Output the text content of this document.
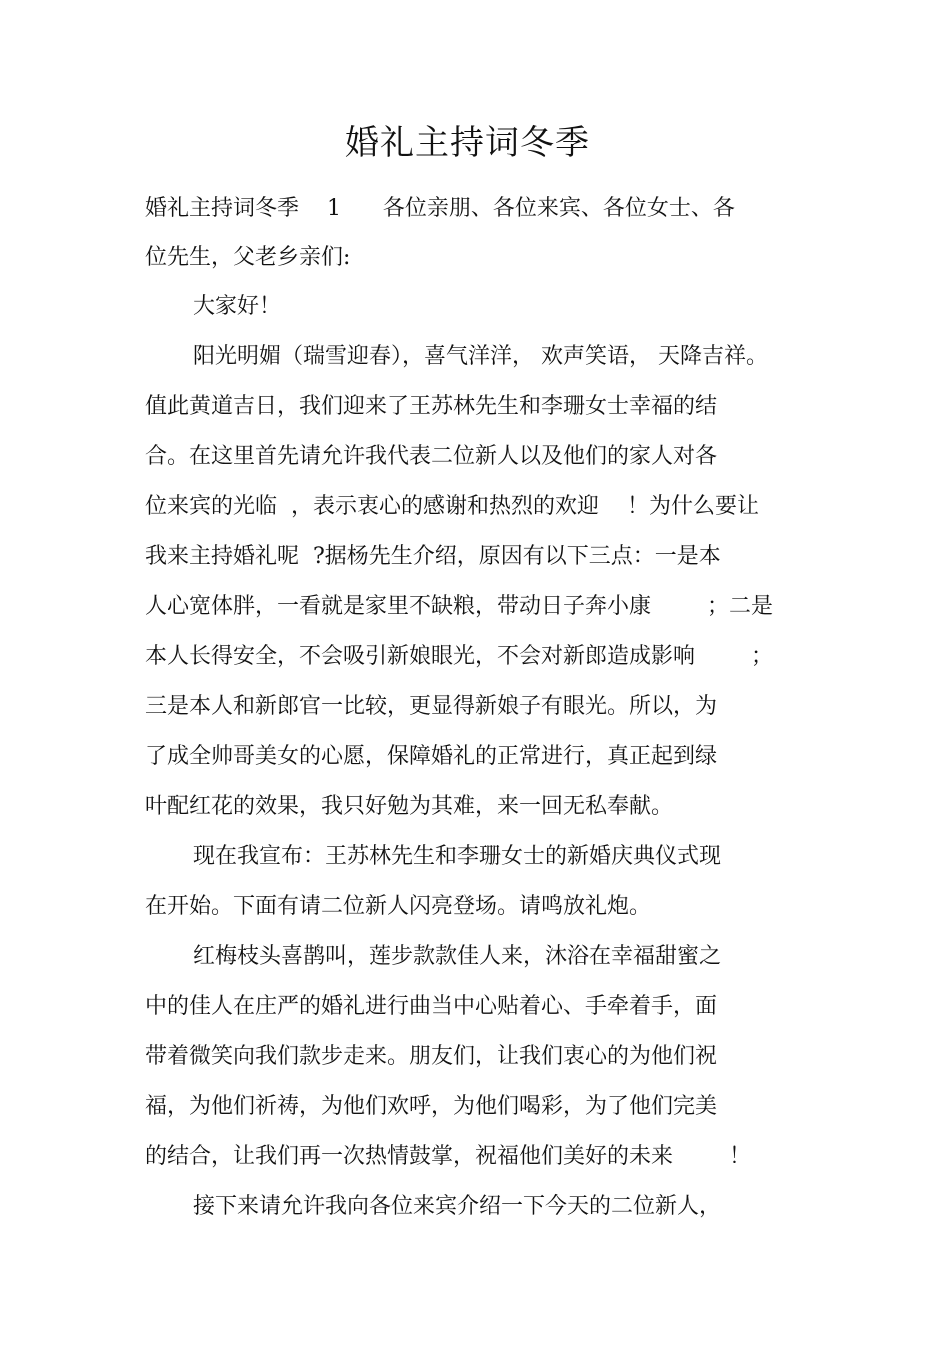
婚礼主持词冬季
婚礼主持词冬季    1      各位亲朋、各位来宾、各位女士、各
位先生，父老乡亲们:
大家好！
阳光明媚（瑞雪迎春），喜气洋洋， 欢声笑语， 天降吉祥。
值此黄道吉日，我们迎来了王苏林先生和李珊女士幸福的结
合。在这里首先请允许我代表二位新人以及他们的家人对各
位来宾的光临  ，表示衷心的感谢和热烈的欢迎    ！为什么要让
我来主持婚礼呢  ?据杨先生介绍，原因有以下三点：一是本
人心宽体胖，一看就是家里不缺粮，带动日子奔小康        ；二是
本人长得安全，不会吸引新娘眼光，不会对新郎造成影响        ；
三是本人和新郎官一比较，更显得新娘子有眼光。所以，为
了成全帅哥美女的心愿，保障婚礼的正常进行，真正起到绿
叶配红花的效果，我只好勉为其难，来一回无私奉献。
现在我宣布：王苏林先生和李珊女士的新婚庆典仪式现
在开始。下面有请二位新人闪亮登场。请鸣放礼炮。
红梅枝头喜鹊叫，莲步款款佳人来，沐浴在幸福甜蜜之
中的佳人在庄严的婚礼进行曲当中心贴着心、手牵着手，面
带着微笑向我们款步走来。朋友们，让我们衷心的为他们祝
福，为他们祈祷，为他们欢呼，为他们喝彩，为了他们完美
的结合，让我们再一次热情鼓掌，祝福他们美好的未来        ！
接下来请允许我向各位来宾介绍一下今天的二位新人，
